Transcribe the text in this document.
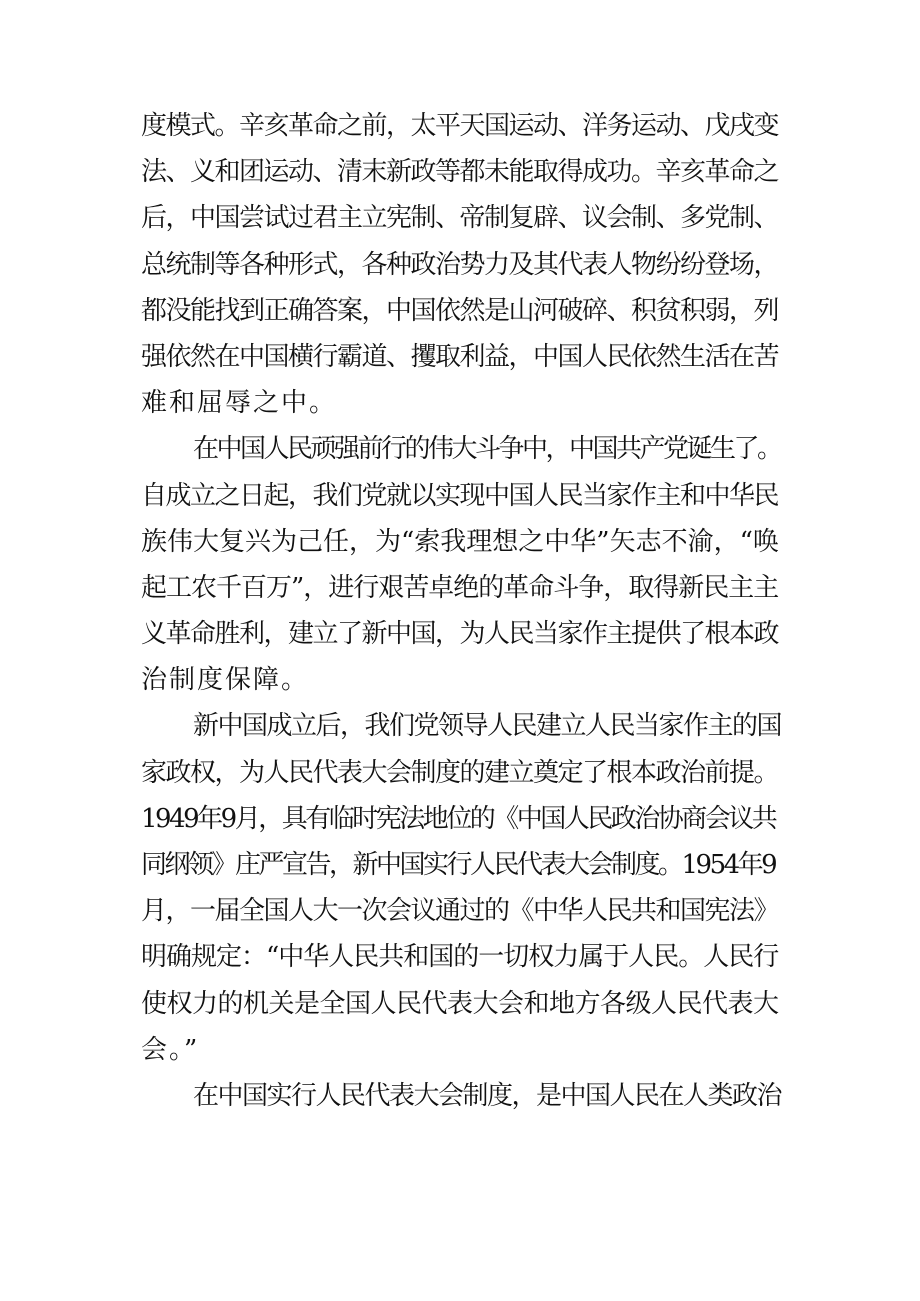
度模式。辛亥革命之前，太平天国运动、洋务运动、戊戌变
法、义和团运动、清末新政等都未能取得成功。辛亥革命之
后，中国尝试过君主立宪制、帝制复辟、议会制、多党制、
总统制等各种形式，各种政治势力及其代表人物纷纷登场，
都没能找到正确答案，中国依然是山河破碎、积贫积弱，列
强依然在中国横行霸道、攫取利益，中国人民依然生活在苦
难和屈辱之中。
在中国人民顽强前行的伟大斗争中，中国共产党诞生了。
自成立之日起，我们党就以实现中国人民当家作主和中华民
族伟大复兴为己任，为“索我理想之中华”矢志不渝，“唤
起工农千百万”，进行艰苦卓绝的革命斗争，取得新民主主
义革命胜利，建立了新中国，为人民当家作主提供了根本政
治制度保障。
新中国成立后，我们党领导人民建立人民当家作主的国
家政权，为人民代表大会制度的建立奠定了根本政治前提。
1949年9月，具有临时宪法地位的《中国人民政治协商会议共
同纲领》庄严宣告，新中国实行人民代表大会制度。1954年9
月，一届全国人大一次会议通过的《中华人民共和国宪法》
明确规定：“中华人民共和国的一切权力属于人民。人民行
使权力的机关是全国人民代表大会和地方各级人民代表大
会。”
在中国实行人民代表大会制度，是中国人民在人类政治
